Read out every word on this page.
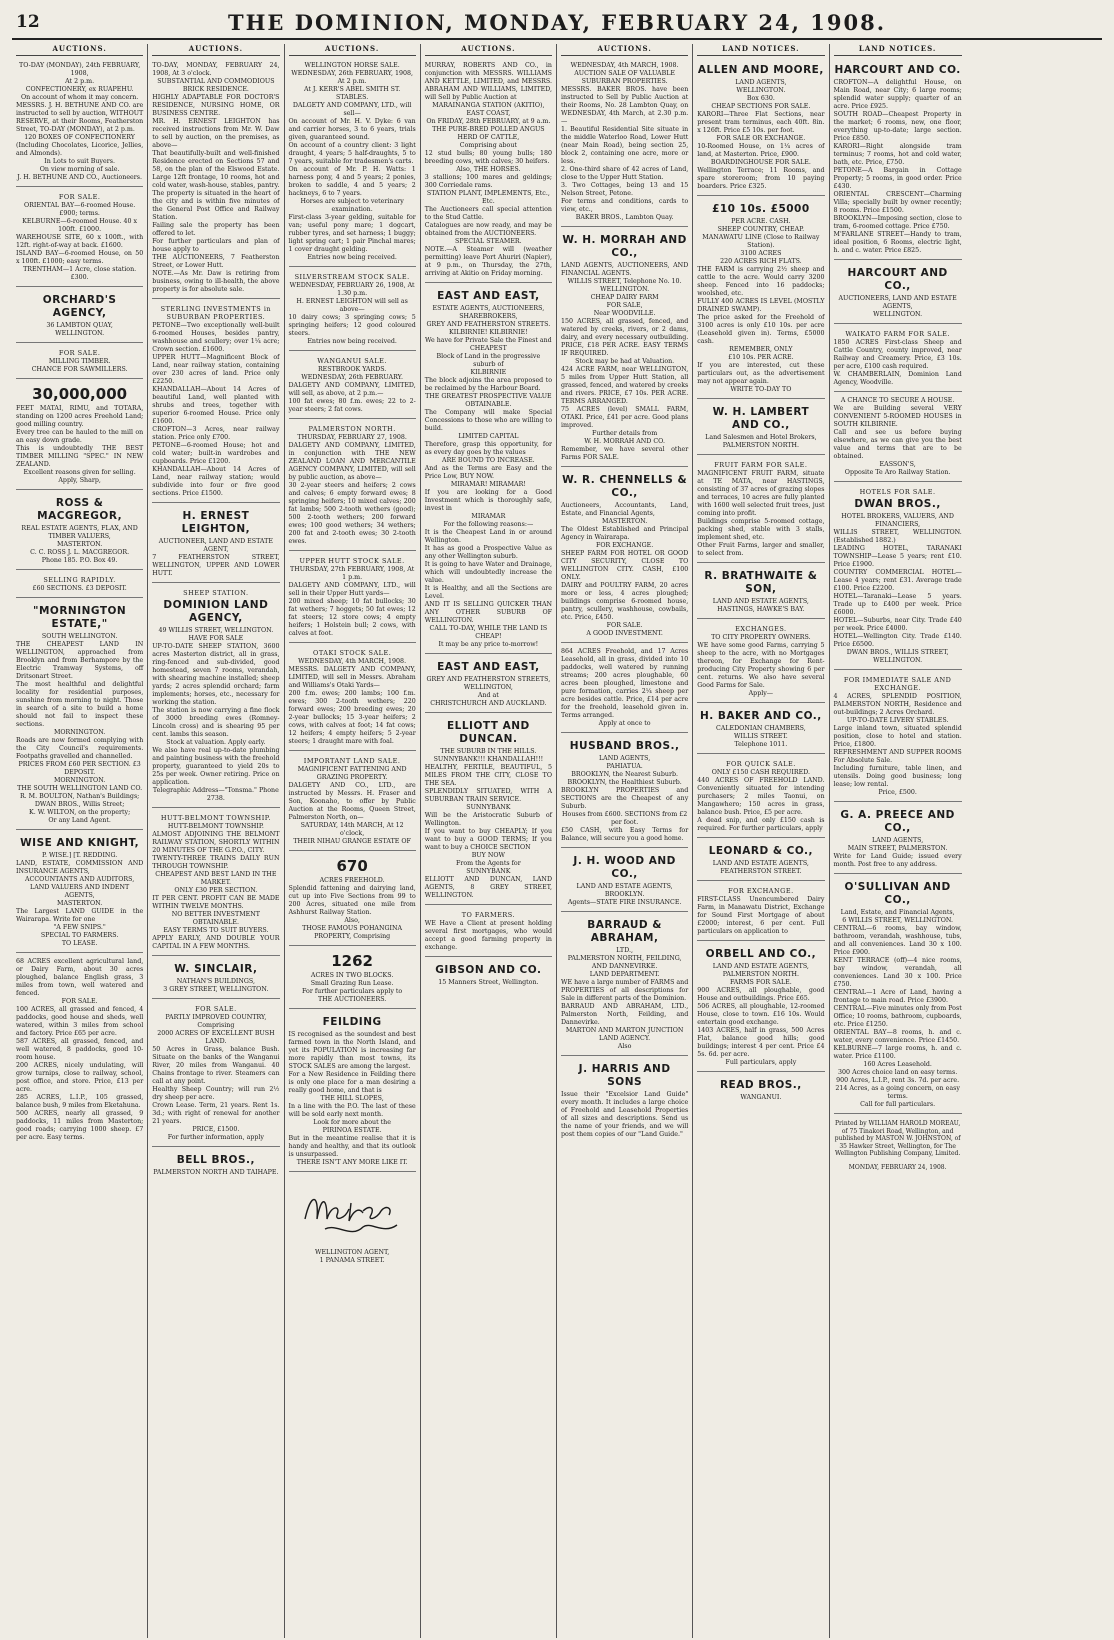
12	THE DOMINION, MONDAY, FEBRUARY 24, 1908.
AUCTIONS.

TO-DAY (MONDAY), 24th FEBRUARY, 1908,

At 2 p.m.

CONFECTIONERY, ex RUAPEHU.

On account of whom it may concern.

MESSRS. J. H. BETHUNE AND CO. are instructed to sell by auction, WITHOUT RESERVE, at their Rooms, Featherston Street, TO-DAY (MONDAY), at 2 p.m.

120 BOXES OF CONFECTIONERY

(Including Chocolates, Licorice, Jellies, and Almonds).

In Lots to suit Buyers.

On view morning of sale.

J. H. BETHUNE AND CO., Auctioneers.

FOR SALE.

ORIENTAL BAY—6-roomed House. £900; terms.

KELBURNE—6-roomed House. 40 x 100ft. £1000.

WAREHOUSE SITE, 60 x 100ft., with 12ft. right-of-way at back. £1600.

ISLAND BAY—6-roomed House, on 50 x 100ft. £1000; easy terms.

TRENTHAM—1 Acre, close station. £300.

ORCHARD'S AGENCY,

36 LAMBTON QUAY,

WELLINGTON.

FOR SALE.

MILLING TIMBER.

CHANCE FOR SAWMILLERS.

30,000,000

FEET MATAI, RIMU, and TOTARA, standing on 1200 acres Freehold Land; good milling country.

Every tree can be hauled to the mill on an easy down grade.

This is undoubtedly THE BEST TIMBER MILLING "SPEC." IN NEW ZEALAND.

Excellent reasons given for selling.

Apply, Sharp,

ROSS & MACGREGOR,

REAL ESTATE AGENTS, FLAX, AND TIMBER VALUERS,

MASTERTON.

C. C. ROSS J. L. MACGREGOR.

Phone 185. P.O. Box 49.

SELLING RAPIDLY.

£60 SECTIONS. £3 DEPOSIT.

"MORNINGTON ESTATE,"

SOUTH WELLINGTON.

THE CHEAPEST LAND IN WELLINGTON, approached from Brooklyn and from Berhampore by the Electric Tramway Systems, off Dritsonart Street.

The most healthful and delightful locality for residential purposes, sunshine from morning to night. Those in search of a site to build a home should not fail to inspect these sections.

MORNINGTON.

Roads are now formed complying with the City Council's requirements. Footpaths gravelled and channelled.

PRICES FROM £60 PER SECTION. £3 DEPOSIT.

MORNINGTON.

THE SOUTH WELLINGTON LAND CO.

R. M. BOULTON, Nathan's Buildings;

DWAN BROS., Willis Street;

K. W. WILTON, on the property;

Or any Land Agent.

WISE AND KNIGHT,

P. WISE.] [T. REDDING.

LAND, ESTATE, COMMISSION AND INSURANCE AGENTS,

ACCOUNTANTS AND AUDITORS,

LAND VALUERS AND INDENT AGENTS,

MASTERTON.

The Largest LAND GUIDE in the Wairarapa. Write for one

"A FEW SNIPS."

SPECIAL TO FARMERS.

TO LEASE.

68 ACRES excellent agricultural land, or Dairy Farm, about 30 acres ploughed, balance English grass, 3 miles from town, well watered and fenced.

FOR SALE.

100 ACRES, all grassed and fenced, 4 paddocks, good house and sheds, well watered, within 3 miles from school and factory. Price £65 per acre.

587 ACRES, all grassed, fenced, and well watered, 8 paddocks, good 10-room house.

200 ACRES, nicely undulating, will grow turnips, close to railway, school, post office, and store. Price, £13 per acre.

285 ACRES, L.I.P., 105 grassed, balance bush, 9 miles from Eketahuna.

500 ACRES, nearly all grassed, 9 paddocks, 11 miles from Masterton; good roads; carrying 1000 sheep. £7 per acre. Easy terms.

AUCTIONS.

TO-DAY, MONDAY, FEBRUARY 24, 1908, At 3 o'clock.

SUBSTANTIAL AND COMMODIOUS BRICK RESIDENCE.

HIGHLY ADAPTABLE FOR DOCTOR'S RESIDENCE, NURSING HOME, OR BUSINESS CENTRE.

MR. H. ERNEST LEIGHTON has received instructions from Mr. W. Daw to sell by auction, on the premises, as above—

That beautifully-built and well-finished Residence erected on Sections 57 and 58, on the plan of the Elswood Estate. Large 12ft frontage, 10 rooms, hot and cold water, wash-house, stables, pantry.

The property is situated in the heart of the city and is within five minutes of the General Post Office and Railway Station.

Failing sale the property has been offered to let.

For further particulars and plan of house apply to

THE AUCTIONEERS, 7 Featherston Street, or Lower Hutt.

NOTE.—As Mr. Daw is retiring from business, owing to ill-health, the above property is for absolute sale.

STERLING INVESTMENTS in SUBURBAN PROPERTIES.

PETONE—Two exceptionally well-built 6-roomed Houses, besides pantry, washhouse and scullery; over 1¼ acre; Crown section. £1600.

UPPER HUTT—Magnificent Block of Land, near railway station, containing over 230 acres of land. Price only £2250.

KHANDALLAH—About 14 Acres of beautiful Land, well planted with shrubs and trees, together with superior 6-roomed House. Price only £1600.

CROFTON—3 Acres, near railway station. Price only £700.

PETONE—6-roomed House; hot and cold water; built-in wardrobes and cupboards. Price £1200.

KHANDALLAH—About 14 Acres of Land, near railway station; would subdivide into four or five good sections. Price £1500.

H. ERNEST LEIGHTON,

AUCTIONEER, LAND AND ESTATE AGENT,

7 FEATHERSTON STREET, WELLINGTON, UPPER AND LOWER HUTT.

SHEEP STATION.
DOMINION LAND AGENCY,

49 WILLIS STREET, WELLINGTON.

HAVE FOR SALE

UP-TO-DATE SHEEP STATION, 3600 acres Masterton district, all in grass, ring-fenced and sub-divided, good homestead, seven 7 rooms, verandah, with shearing machine installed; sheep yards; 2 acres splendid orchard; farm implements; horses, etc., necessary for working the station.

The station is now carrying a fine flock of 3000 breeding ewes (Romney-Lincoln cross) and is shearing 95 per cent. lambs this season.

Stock at valuation. Apply early.

We also have real up-to-date plumbing and painting business with the freehold property, guaranteed to yield 20s to 25s per week. Owner retiring. Price on application.

Telegraphic Address—"Tonsma." Phone 2738.

HUTT-BELMONT TOWNSHIP.

HUTT-BELMONT TOWNSHIP.

ALMOST ADJOINING THE BELMONT RAILWAY STATION, SHORTLY WITHIN 20 MINUTES OF THE G.P.O., CITY.

TWENTY-THREE TRAINS DAILY RUN THROUGH TOWNSHIP.

CHEAPEST AND BEST LAND IN THE MARKET.

ONLY £30 PER SECTION.

IT PER CENT. PROFIT CAN BE MADE WITHIN TWELVE MONTHS.

NO BETTER INVESTMENT OBTAINABLE.

EASY TERMS TO SUIT BUYERS.

APPLY EARLY, AND DOUBLE YOUR CAPITAL IN A FEW MONTHS.

W. SINCLAIR,

NATHAN'S BUILDINGS,

3 GREY STREET, WELLINGTON.

FOR SALE.

PARTLY IMPROVED COUNTRY,

Comprising

2000 ACRES OF EXCELLENT BUSH LAND.

50 Acres in Grass, balance Bush. Situate on the banks of the Wanganui River, 20 miles from Wanganui. 40 Chains frontage to river. Steamers can call at any point.

Healthy Sheep Country; will run 2½ dry sheep per acre.

Crown Lease. Term, 21 years. Rent 1s. 3d.; with right of renewal for another 21 years.

PRICE, £1500.

For further information, apply

BELL BROS.,

PALMERSTON NORTH AND TAIHAPE.

AUCTIONS.

WELLINGTON HORSE SALE.

WEDNESDAY, 26th FEBRUARY, 1908, At 2 p.m.

At J. KERR'S ABEL SMITH ST. STABLES.

DALGETY AND COMPANY, LTD., will sell—

On account of Mr. H. V. Dyke: 6 van and carrier horses, 3 to 6 years, trials given, guaranteed sound.

On account of a country client: 3 light draught, 4 years; 5 half-draughts, 5 to 7 years, suitable for tradesmen's carts.

On account of Mr. P. H. Watts: 1 harness pony, 4 and 5 years; 2 ponies, broken to saddle, 4 and 5 years; 2 hackneys, 6 to 7 years.

Horses are subject to veterinary examination.

First-class 3-year gelding, suitable for van; useful pony mare; 1 dogcart, rubber tyres, and set harness; 1 buggy; light spring cart; 1 pair Pinchal mares; 1 cover draught gelding.

Entries now being received.

SILVERSTREAM STOCK SALE.

WEDNESDAY, FEBRUARY 26, 1908, At 1.30 p.m.

H. ERNEST LEIGHTON will sell as above—

10 dairy cows; 3 springing cows; 5 springing heifers; 12 good coloured steers.

Entries now being received.

WANGANUI SALE.

RESTBROOK YARDS.

WEDNESDAY, 26th FEBRUARY.

DALGETY AND COMPANY, LIMITED, will sell, as above, at 2 p.m.—

100 fat ewes; 80 f.m. ewes; 22 to 2-year steers; 2 fat cows.

PALMERSTON NORTH.

THURSDAY, FEBRUARY 27, 1908.

DALGETY AND COMPANY, LIMITED, in conjunction with THE NEW ZEALAND LOAN AND MERCANTILE AGENCY COMPANY, LIMITED, will sell by public auction, as above—

30 2-year steers and heifers; 2 cows and calves; 6 empty forward ewes; 8 springing heifers; 10 mixed calves; 200 fat lambs; 500 2-tooth wethers (good); 500 2-tooth wethers; 200 forward ewes; 100 good wethers; 34 wethers; 200 fat and 2-tooth ewes; 30 2-tooth ewes.

UPPER HUTT STOCK SALE.

THURSDAY, 27th FEBRUARY, 1908, At 1 p.m.

DALGETY AND COMPANY, LTD., will sell in their Upper Hutt yards—

200 mixed sheep; 10 fat bullocks; 30 fat wethers; 7 hoggets; 50 fat ewes; 12 fat steers; 12 store cows; 4 empty heifers; 1 Holstein bull; 2 cows, with calves at foot.

OTAKI STOCK SALE.

WEDNESDAY, 4th MARCH, 1908.

MESSRS. DALGETY AND COMPANY, LIMITED, will sell in Messrs. Abraham and Williams's Otaki Yards—

200 f.m. ewes; 200 lambs; 100 f.m. ewes; 300 2-tooth wethers; 220 forward ewes; 200 breeding ewes; 20 2-year bullocks; 15 3-year heifers; 2 cows, with calves at foot; 14 fat cows; 12 heifers; 4 empty heifers; 5 2-year steers; 1 draught mare with foal.

IMPORTANT LAND SALE.

MAGNIFICENT FATTENING AND GRAZING PROPERTY.

DALGETY AND CO., LTD., are instructed by Messrs. H. Fraser and Son, Koonaho, to offer by Public Auction at the Rooms, Queen Street, Palmerston North, on—

SATURDAY, 14th MARCH, At 12 o'clock,

THEIR NIHAU GRANGE ESTATE OF

670

ACRES FREEHOLD.

Splendid fattening and dairying land, cut up into Five Sections from 99 to 200 Acres, situated one mile from Ashhurst Railway Station.

Also,

THOSE FAMOUS POHANGINA PROPERTY, Comprising

1262

ACRES IN TWO BLOCKS.

Small Grazing Run Lease.

For further particulars apply to

THE AUCTIONEERS.

FEILDING

IS recognised as the soundest and best farmed town in the North Island, and yet its POPULATION is increasing far more rapidly than most towns, its STOCK SALES are among the largest.

For a New Residence in Feilding there is only one place for a man desiring a really good home, and that is

THE HILL SLOPES,

In a line with the P.O. The last of these will be sold early next month.

Look for more about the

PIRINOA ESTATE.

But in the meantime realise that it is handy and healthy, and that its outlook is unsurpassed.

THERE ISN'T ANY MORE LIKE IT.

WELLINGTON AGENT,

1 PANAMA STREET.

AUCTIONS.

MURRAY, ROBERTS AND CO., in conjunction with MESSRS. WILLIAMS AND KETTLE, LIMITED, and MESSRS. ABRAHAM AND WILLIAMS, LIMITED, will Sell by Public Auction at

MARAINANGA STATION (AKITIO), EAST COAST,

On FRIDAY, 28th FEBRUARY, at 9 a.m.

THE PURE-BRED POLLED ANGUS HERD OF CATTLE,

Comprising about

12 stud bulls; 80 young bulls; 180 breeding cows, with calves; 30 heifers.

Also, THE HORSES.

3 stallions; 100 mares and geldings; 300 Corriedale rams.

STATION PLANT, IMPLEMENTS, Etc., Etc.

The Auctioneers call special attention to the Stud Cattle.

Catalogues are now ready, and may be obtained from the AUCTIONEERS.

SPECIAL STEAMER.

NOTE.—A Steamer will (weather permitting) leave Port Ahuriri (Napier), at 9 p.m., on Thursday, the 27th, arriving at Akitio on Friday morning.

EAST AND EAST,

ESTATE AGENTS, AUCTIONEERS, SHAREBROKERS,

GREY AND FEATHERSTON STREETS.

KILBIRNIE! KILBIRNIE!

We have for Private Sale the Finest and

CHEAPEST

Block of Land in the progressive suburb of

KILBIRNIE

The block adjoins the area proposed to be reclaimed by the Harbour Board.

THE GREATEST PROSPECTIVE VALUE OBTAINABLE.

The Company will make Special Concessions to those who are willing to build.

LIMITED CAPITAL

Therefore, grasp this opportunity, for as every day goes by the values

ARE BOUND TO INCREASE.

And as the Terms are Easy and the Price Low, BUY NOW.

MIRAMAR! MIRAMAR!

If you are looking for a Good Investment which is thoroughly safe, invest in

MIRAMAR

For the following reasons:—

It is the Cheapest Land in or around Wellington.

It has as good a Prospective Value as any other Wellington suburb.

It is going to have Water and Drainage, which will undoubtedly increase the value.

It is Healthy, and all the Sections are Level.

AND IT IS SELLING QUICKER THAN ANY OTHER SUBURB OF WELLINGTON.

CALL TO-DAY, WHILE THE LAND IS CHEAP!

It may be any price to-morrow!

EAST AND EAST,

GREY AND FEATHERSTON STREETS, WELLINGTON,

And at

CHRISTCHURCH AND AUCKLAND.

ELLIOTT AND DUNCAN.

THE SUBURB IN THE HILLS.

SUNNYBANK!!! KHANDALLAH!!!

HEALTHY, FERTILE, BEAUTIFUL, 5 MILES FROM THE CITY, CLOSE TO THE SEA.

SPLENDIDLY SITUATED, WITH A SUBURBAN TRAIN SERVICE.

SUNNYBANK

Will be the Aristocratic Suburb of Wellington.

If you want to buy CHEAPLY; If you want to buy a GOOD TERMS; If you want to buy a CHOICE SECTION

BUY NOW

From the Agents for

SUNNYBANK

ELLIOTT AND DUNCAN, LAND AGENTS, 8 GREY STREET, WELLINGTON.

TO FARMERS.

WE Have a Client at present holding several first mortgages, who would accept a good farming property in exchange.

GIBSON AND CO.

15 Manners Street, Wellington.

AUCTIONS.

WEDNESDAY, 4th MARCH, 1908.

AUCTION SALE OF VALUABLE SUBURBAN PROPERTIES.

MESSRS. BAKER BROS. have been instructed to Sell by Public Auction at their Rooms, No. 28 Lambton Quay, on WEDNESDAY, 4th March, at 2.30 p.m.—

1. Beautiful Residential Site situate in the middle Waterloo Road, Lower Hutt (near Main Road), being section 25, block 2, containing one acre, more or less.

2. One-third share of 42 acres of Land, close to the Upper Hutt Station.

3. Two Cottages, being 13 and 15 Nelson Street, Petone.

For terms and conditions, cards to view, etc.,

BAKER BROS., Lambton Quay.

W. H. MORRAH AND CO.,

LAND AGENTS, AUCTIONEERS, AND FINANCIAL AGENTS.

WILLIS STREET, Telephone No. 10. WELLINGTON.

CHEAP DAIRY FARM

FOR SALE,

Near WOODVILLE.

150 ACRES, all grassed, fenced, and watered by creeks, rivers, or 2 dams, dairy, and every necessary outbuilding. PRICE, £18 PER ACRE. EASY TERMS IF REQUIRED.

Stock may be had at Valuation.

424 ACRE FARM, near WELLINGTON, 5 miles from Upper Hutt Station, all grassed, fenced, and watered by creeks and rivers. PRICE, £7 10s. PER ACRE. TERMS ARRANGED.

75 ACRES (level) SMALL FARM, OTAKI. Price, £41 per acre. Good plans improved.

Further details from

W. H. MORRAH AND CO.

Remember, we have several other Farms FOR SALE.

W. R. CHENNELLS & CO.,

Auctioneers, Accountants, Land, Estate, and Financial Agents,

MASTERTON.

The Oldest Established and Principal Agency in Wairarapa.

FOR EXCHANGE.

SHEEP FARM FOR HOTEL OR GOOD CITY SECURITY, CLOSE TO WELLINGTON CITY. CASH, £100 ONLY.

DAIRY and POULTRY FARM, 20 acres more or less, 4 acres ploughed; buildings comprise 6-roomed house, pantry, scullery, washhouse, cowbails, etc. Price, £450.

FOR SALE.

A GOOD INVESTMENT.

864 ACRES Freehold, and 17 Acres Leasehold, all in grass, divided into 10 paddocks, well watered by running streams; 200 acres ploughable, 60 acres been ploughed, limestone and pure formation, carries 2¼ sheep per acre besides cattle. Price, £14 per acre for the freehold, leasehold given in. Terms arranged.

Apply at once to

HUSBAND BROS.,

LAND AGENTS,

PAHIATUA.

BROOKLYN, the Nearest Suburb.

BROOKLYN, the Healthiest Suburb.

BROOKLYN PROPERTIES and SECTIONS are the Cheapest of any Suburb.

Houses from £600. SECTIONS from £2 per foot.

£50 CASH, with Easy Terms for Balance, will secure you a good home.

J. H. WOOD AND CO.,

LAND AND ESTATE AGENTS, BROOKLYN.

Agents—STATE FIRE INSURANCE.

BARRAUD & ABRAHAM,

LTD.,

PALMERSTON NORTH, FEILDING, AND DANNEVIRKE.

LAND DEPARTMENT.

WE have a large number of FARMS and PROPERTIES of all descriptions for Sale in different parts of the Dominion.

BARRAUD AND ABRAHAM, LTD., Palmerston North, Feilding, and Dannevirke.

MARTON AND MARTON JUNCTION LAND AGENCY.

Also

J. HARRIS AND SONS

Issue their "Excelsior Land Guide" every month. It includes a large choice of Freehold and Leasehold Properties of all sizes and descriptions. Send us the name of your friends, and we will post them copies of our "Land Guide."

LAND NOTICES.
ALLEN AND MOORE,

LAND AGENTS,

WELLINGTON.

Box 630.

CHEAP SECTIONS FOR SALE.

KARORI—Three Flat Sections, near present tram terminus, each 40ft. 8in. x 126ft. Price £5 10s. per foot.

FOR SALE OR EXCHANGE.

10-Roomed House, on 1¼ acres of land, at Masterton. Price, £900.

BOARDINGHOUSE FOR SALE.

Wellington Terrace; 11 Rooms, and spare storeroom; from 10 paying boarders. Price £325.

£10 10s. £5000

PER ACRE. CASH.

SHEEP COUNTRY, CHEAP.

MANAWATU LINE (Close to Railway Station).

3100 ACRES

220 ACRES RICH FLATS.

THE FARM is carrying 2½ sheep and cattle to the acre. Would carry 3200 sheep. Fenced into 16 paddocks; woolshed, etc.

FULLY 400 ACRES IS LEVEL (MOSTLY DRAINED SWAMP).

The price asked for the Freehold of 3100 acres is only £10 10s. per acre (Leasehold given in). Terms, £5000 cash.

REMEMBER, ONLY

£10 10s. PER ACRE.

If you are interested, cut these particulars out, as the advertisement may not appear again.

WRITE TO-DAY TO

W. H. LAMBERT AND CO.,

Land Salesmen and Hotel Brokers,

PALMERSTON NORTH.

FRUIT FARM FOR SALE.

MAGNIFICENT FRUIT FARM, situate at TE MATA, near HASTINGS, consisting of 37 acres of grazing slopes and terraces, 10 acres are fully planted with 1600 well selected fruit trees, just coming into profit.

Buildings comprise 5-roomed cottage, packing shed, stable with 3 stalls, implement shed, etc.

Other Fruit Farms, larger and smaller, to select from.

R. BRATHWAITE & SON,

LAND AND ESTATE AGENTS,

HASTINGS, HAWKE'S BAY.

EXCHANGES.

TO CITY PROPERTY OWNERS.

WE have some good Farms, carrying 5 sheep to the acre, with no Mortgages thereon, for Exchange for Rent-producing City Property showing 6 per cent. returns. We also have several Good Farms for Sale.

Apply—

H. BAKER AND CO.,

CALEDONIAN CHAMBERS,

WILLIS STREET.

Telephone 1011.

FOR QUICK SALE.

ONLY £150 CASH REQUIRED.

440 ACRES OF FREEHOLD LAND. Conveniently situated for intending purchasers; 2 miles Taonui, on Mangawhero; 150 acres in grass, balance bush. Price, £5 per acre.

A dead snip, and only £150 cash is required. For further particulars, apply

LEONARD & CO.,

LAND AND ESTATE AGENTS,

FEATHERSTON STREET.

FOR EXCHANGE.

FIRST-CLASS Unencumbered Dairy Farm, in Manawatu District, Exchange for Sound First Mortgage of about £2000; interest, 6 per cent. Full particulars on application to

ORBELL AND CO.,

LAND AND ESTATE AGENTS,

PALMERSTON NORTH.

FARMS FOR SALE.

900 ACRES, all ploughable, good House and outbuildings. Price £65.

506 ACRES, all ploughable, 12-roomed House, close to town. £16 10s. Would entertain good exchange.

1403 ACRES, half in grass, 500 Acres Flat, balance good hills; good buildings; interest 4 per cent. Price £4 5s. 6d. per acre.

Full particulars, apply

READ BROS.,

WANGANUI.

LAND NOTICES.
HARCOURT AND CO.

CROFTON—A delightful House, on Main Road, near City; 6 large rooms; splendid water supply; quarter of an acre. Price £925.

SOUTH ROAD—Cheapest Property in the market; 6 rooms, new, one floor, everything up-to-date; large section. Price £850.

KARORI—Right alongside tram terminus; 7 rooms, hot and cold water, bath, etc. Price, £750.

PETONE—A Bargain in Cottage Property; 5 rooms, in good order. Price £430.

ORIENTAL CRESCENT—Charming Villa; specially built by owner recently; 8 rooms. Price £1500.

BROOKLYN—Imposing section, close to tram, 6-roomed cottage. Price £750.

M'FARLANE STREET—Handy to tram, ideal position, 6 Rooms, electric light, h. and c. water. Price £825.

HARCOURT AND CO.,

AUCTIONEERS, LAND AND ESTATE AGENTS,

WELLINGTON.

WAIKATO FARM FOR SALE.

1850 ACRES First-class Sheep and Cattle Country, county improved, near Railway and Creamery. Price, £3 10s. per acre, £100 cash required.

W. CHAMBERLAIN, Dominion Land Agency, Woodville.

A CHANCE TO SECURE A HOUSE.

We are Building several VERY CONVENIENT 5-ROOMED HOUSES in SOUTH KILBIRNIE.

Call and see us before buying elsewhere, as we can give you the best value and terms that are to be obtained.

EASSON'S,

Opposite Te Aro Railway Station.

HOTELS FOR SALE.
DWAN BROS.,

HOTEL BROKERS, VALUERS, AND FINANCIERS,

WILLIS STREET, WELLINGTON. (Established 1882.)

LEADING HOTEL, TARANAKI TOWNSHIP—Lease 5 years; rent £10. Price £1900.

COUNTRY COMMERCIAL HOTEL—Lease 4 years; rent £31. Average trade £100. Price £2200.

HOTEL—Taranaki—Lease 5 years. Trade up to £400 per week. Price £6000.

HOTEL—Suburbs, near City. Trade £40 per week. Price £4000.

HOTEL—Wellington City. Trade £140. Price £6500.

DWAN BROS., WILLIS STREET, WELLINGTON.

FOR IMMEDIATE SALE AND EXCHANGE.

4 ACRES, SPLENDID POSITION, PALMERSTON NORTH, Residence and out-buildings; 2 Acres Orchard.

UP-TO-DATE LIVERY STABLES.

Large inland town, situated splendid position, close to hotel and station. Price, £1800.

REFRESHMENT AND SUPPER ROOMS For Absolute Sale.

Including furniture, table linen, and utensils. Doing good business; long lease; low rental.

Price, £500.

G. A. PREECE AND CO.,

LAND AGENTS,

MAIN STREET, PALMERSTON.

Write for Land Guide; issued every month. Post free to any address.

O'SULLIVAN AND CO.,

Land, Estate, and Financial Agents,

6 WILLIS STREET, WELLINGTON.

CENTRAL—6 rooms, bay window, bathroom, verandah, washhouse, tubs, and all conveniences. Land 30 x 100. Price £900.

KENT TERRACE (off)—4 nice rooms, bay window, verandah, all conveniences. Land 30 x 100. Price £750.

CENTRAL—1 Acre of Land, having a frontage to main road. Price £3900.

CENTRAL—Five minutes only from Post Office; 10 rooms, bathroom, cupboards, etc. Price £1250.

ORIENTAL BAY—8 rooms, h. and c. water, every convenience. Price £1450.

KELBURNE—7 large rooms, h. and c. water. Price £1100.

160 Acres Leasehold.

300 Acres choice land on easy terms.

900 Acres, L.I.P., rent 3s. 7d. per acre.

214 Acres, as a going concern, on easy terms.

Call for full particulars.

Printed by WILLIAM HAROLD MOREAU, of 75 Tinakori Road, Wellington, and published by MASTON W. JOHNSTON, of 35 Hawker Street, Wellington, for The Wellington Publishing Company, Limited.

MONDAY, FEBRUARY 24, 1908.
